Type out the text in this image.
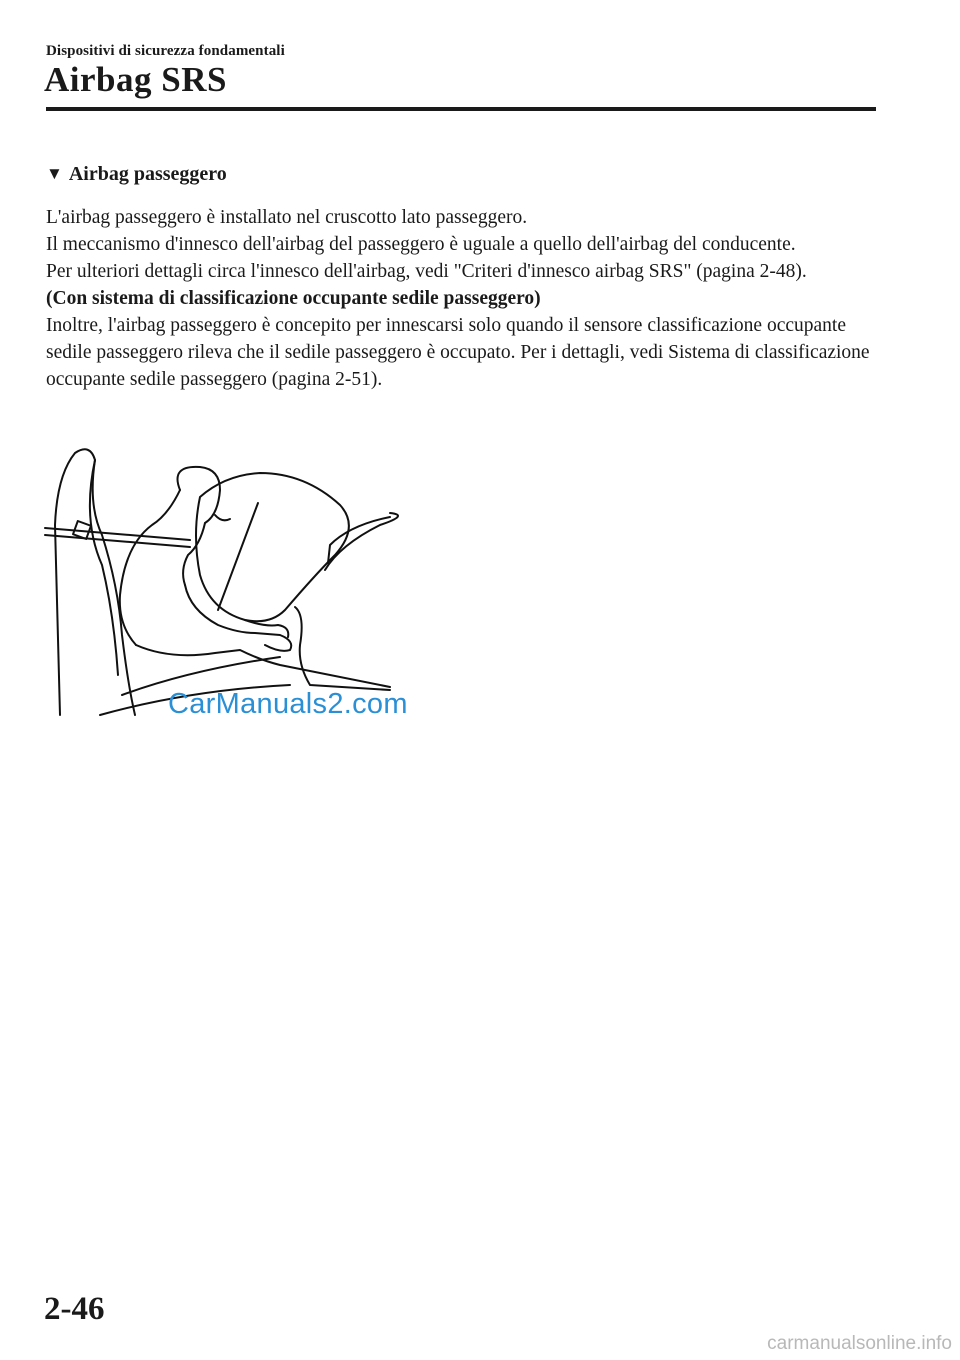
Dispositivi di sicurezza fondamentali
Airbag SRS
▼ Airbag passeggero

L'airbag passeggero è installato nel cruscotto lato passeggero.

Il meccanismo d'innesco dell'airbag del passeggero è uguale a quello dell'airbag del conducente.

Per ulteriori dettagli circa l'innesco dell'airbag, vedi "Criteri d'innesco airbag SRS" (pagina 2-48).

(Con sistema di classificazione occupante sedile passeggero)

Inoltre, l'airbag passeggero è concepito per innescarsi solo quando il sensore classificazione occupante sedile passeggero rileva che il sedile passeggero è occupato. Per i dettagli, vedi Sistema di classificazione occupante sedile passeggero (pagina 2-51).

CarManuals2.com
2-46
carmanualsonline.info
